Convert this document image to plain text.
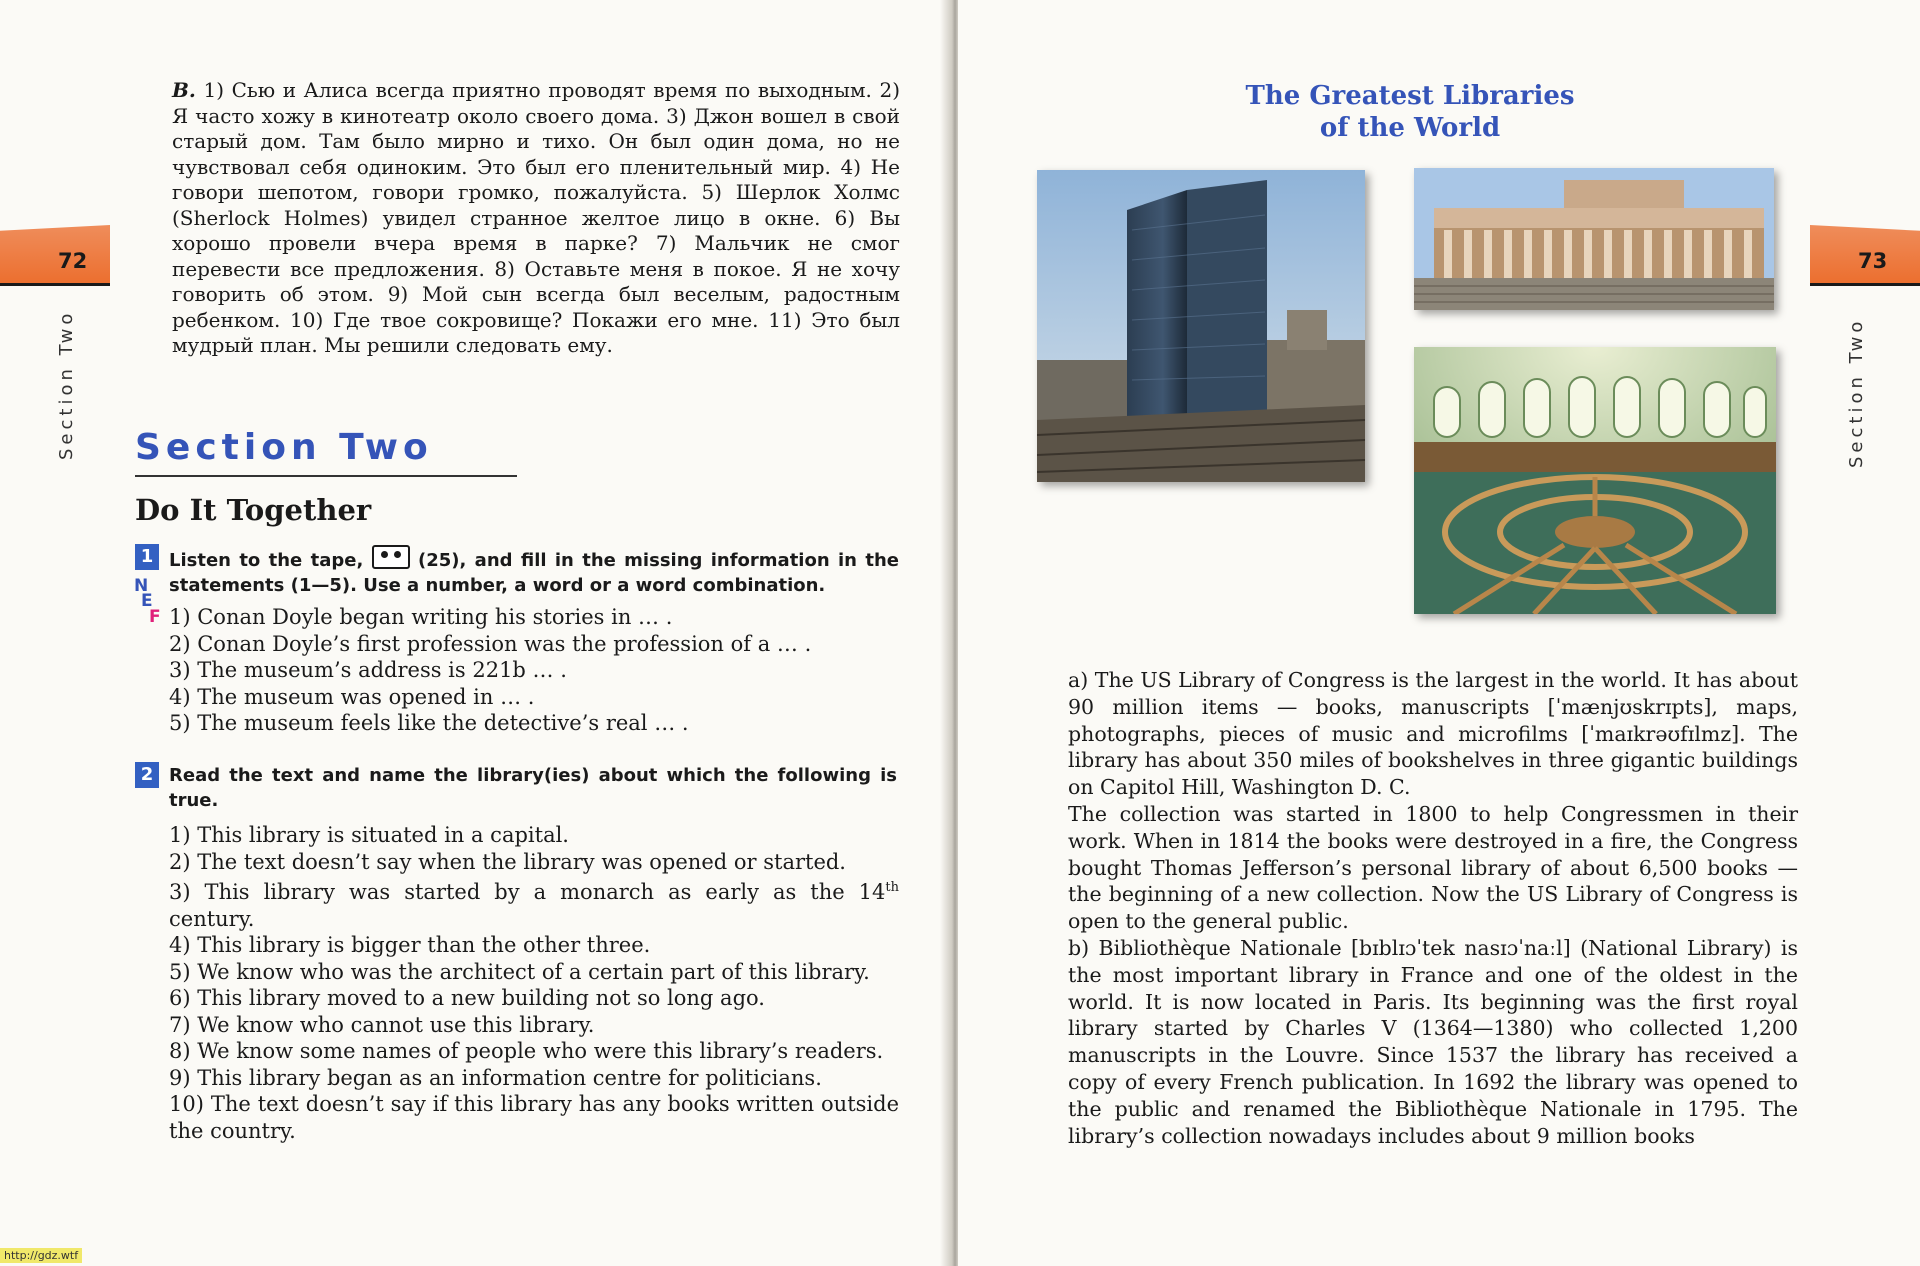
72
Section Two
B. 1) Сью и Алиса всегда приятно проводят время по выходным. 2) Я часто хожу в кинотеатр около своего дома. 3) Джон вошел в свой старый дом. Там было мирно и тихо. Он был один дома, но не чувствовал себя одиноким. Это был его пленительный мир. 4) Не говори шепотом, говори громко, пожалуйста. 5) Шерлок Холмс (Sherlock Holmes) увидел странное желтое лицо в окне. 6) Вы хорошо провели вчера время в парке? 7) Мальчик не смог перевести все предложения. 8) Оставьте меня в покое. Я не хочу говорить об этом. 9) Мой сын всегда был веселым, радостным ребенком. 10) Где твое сокровище? Покажи его мне. 11) Это был мудрый план. Мы решили следовать ему.
Section Two
Do It Together
1 Listen to the tape,	(25), and fill in the missing information in the statements (1—5). Use a number, a word or a word combination.
N
E
F 1) Conan Doyle began writing his stories in … .
2) Conan Doyle’s first profession was the profession of a … .
3) The museum’s address is 221b … .
4) The museum was opened in … .
5) The museum feels like the detective’s real … .
2 Read the text and name the library(ies) about which the following is true.
1) This library is situated in a capital.
2) The text doesn’t say when the library was opened or started.
3) This library was started by a monarch as early as the 14th century.
4) This library is bigger than the other three.
5) We know who was the architect of a certain part of this library.
6) This library moved to a new building not so long ago.
7) We know who cannot use this library.
8) We know some names of people who were this library’s readers.
9) This library began as an information centre for politicians.
10) The text doesn’t say if this library has any books written outside the country.
73
Section Two
The Greatest Libraries
of the World
a) The US Library of Congress is the largest in the world. It has about 90 million items — books, manuscripts [ˈmænjʊskrɪpts], maps, photographs, pieces of music and microfilms [ˈmaɪkrəʊfɪlmz]. The library has about 350 miles of bookshelves in three gigantic buildings on Capitol Hill, Washington D. C.
The collection was started in 1800 to help Congressmen in their work. When in 1814 the books were destroyed in a fire, the Congress bought Thomas Jefferson’s personal library of about 6,500 books — the beginning of a new collection. Now the US Library of Congress is open to the general public.
b) Bibliothèque Nationale [bɪblɪɔˈtek nasɪɔˈnaːl] (National Library) is the most important library in France and one of the oldest in the world. It is now located in Paris. Its beginning was the first royal library started by Charles V (1364—1380) who collected 1,200 manuscripts in the Louvre. Since 1537 the library has received a copy of every French publication. In 1692 the library was opened to the public and renamed the Bibliothèque Nationale in 1795. The library’s collection nowadays includes about 9 million books
http://gdz.wtf
